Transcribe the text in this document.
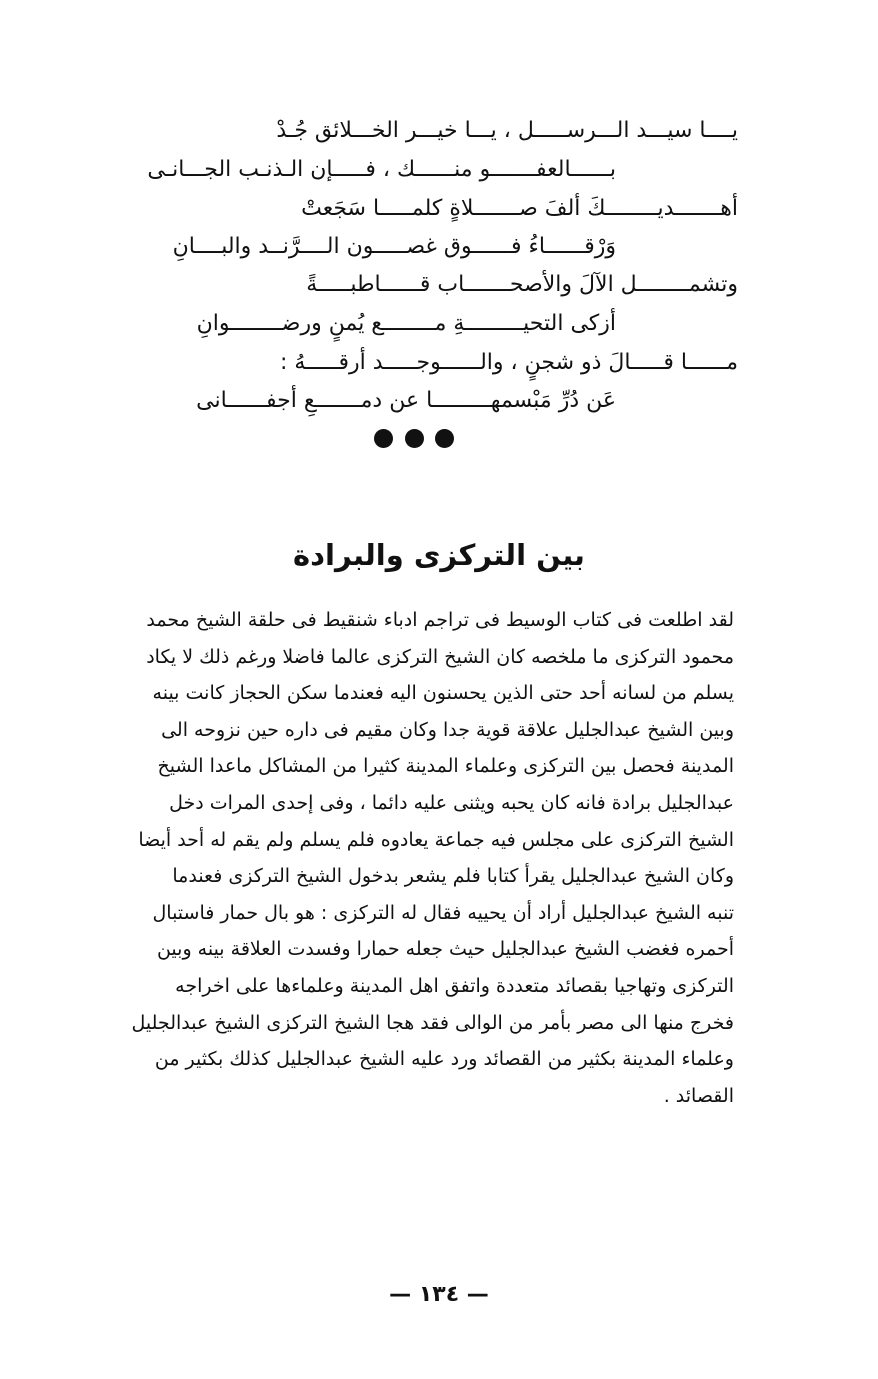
يــــا سيـــد الـــرســـــل ، يـــا خيـــر الخـــلائق جُـدْ
بــــــالعفـــــــو منــــــك ، فـــــإن الـذنـب الجـــانـى
أهـــــــديــــــــكَ ألفَ صـــــــلاةٍ كلمـــــا سَجَعتْ
وَرْقــــــاءُ فــــــوق غصـــــون الــــرَّنــد والبــــانِ
وتشمــــــــل الآلَ والأصحـــــــاب قــــــاطبـــــةً
أزكى التحيـــــــــةِ مــــــــع يُمنٍ ورضــــــــوانِ
مــــــا قـــــالَ ذو شجنٍ ، والــــــوجـــــد أرقـــــهُ :
عَن دُرِّ مَبْسمهـــــــــا عن دمـــــــعِ أجفــــــانى
بين التركزى والبرادة
لقد اطلعت فى كتاب الوسيط فى تراجم ادباء شنقيط فى حلقة الشيخ محمد
محمود التركزى ما ملخصه كان الشيخ التركزى عالما فاضلا ورغم ذلك لا يكاد
يسلم من لسانه أحد حتى الذين يحسنون اليه فعندما سكن الحجاز كانت بينه
وبين الشيخ عبدالجليل علاقة قوية جدا وكان مقيم فى داره حين نزوحه الى
المدينة فحصل بين التركزى وعلماء المدينة كثيرا من المشاكل ماعدا الشيخ
عبدالجليل برادة فانه كان يحبه ويثنى عليه دائما ، وفى إحدى المرات دخل
الشيخ التركزى على مجلس فيه جماعة يعادوه فلم يسلم ولم يقم له أحد أيضا
وكان الشيخ عبدالجليل يقرأ كتابا فلم يشعر بدخول الشيخ التركزى فعندما
تنبه الشيخ عبدالجليل أراد أن يحييه فقال له التركزى : هو بال حمار فاستبال
أحمره فغضب الشيخ عبدالجليل حيث جعله حمارا وفسدت العلاقة بينه وبين
التركزى وتهاجيا بقصائد متعددة واتفق اهل المدينة وعلماءها على اخراجه
فخرج منها الى مصر بأمر من الوالى فقد هجا الشيخ التركزى الشيخ عبدالجليل
وعلماء المدينة بكثير من القصائد ورد عليه الشيخ عبدالجليل كذلك بكثير من
القصائد .
— ١٣٤ —
